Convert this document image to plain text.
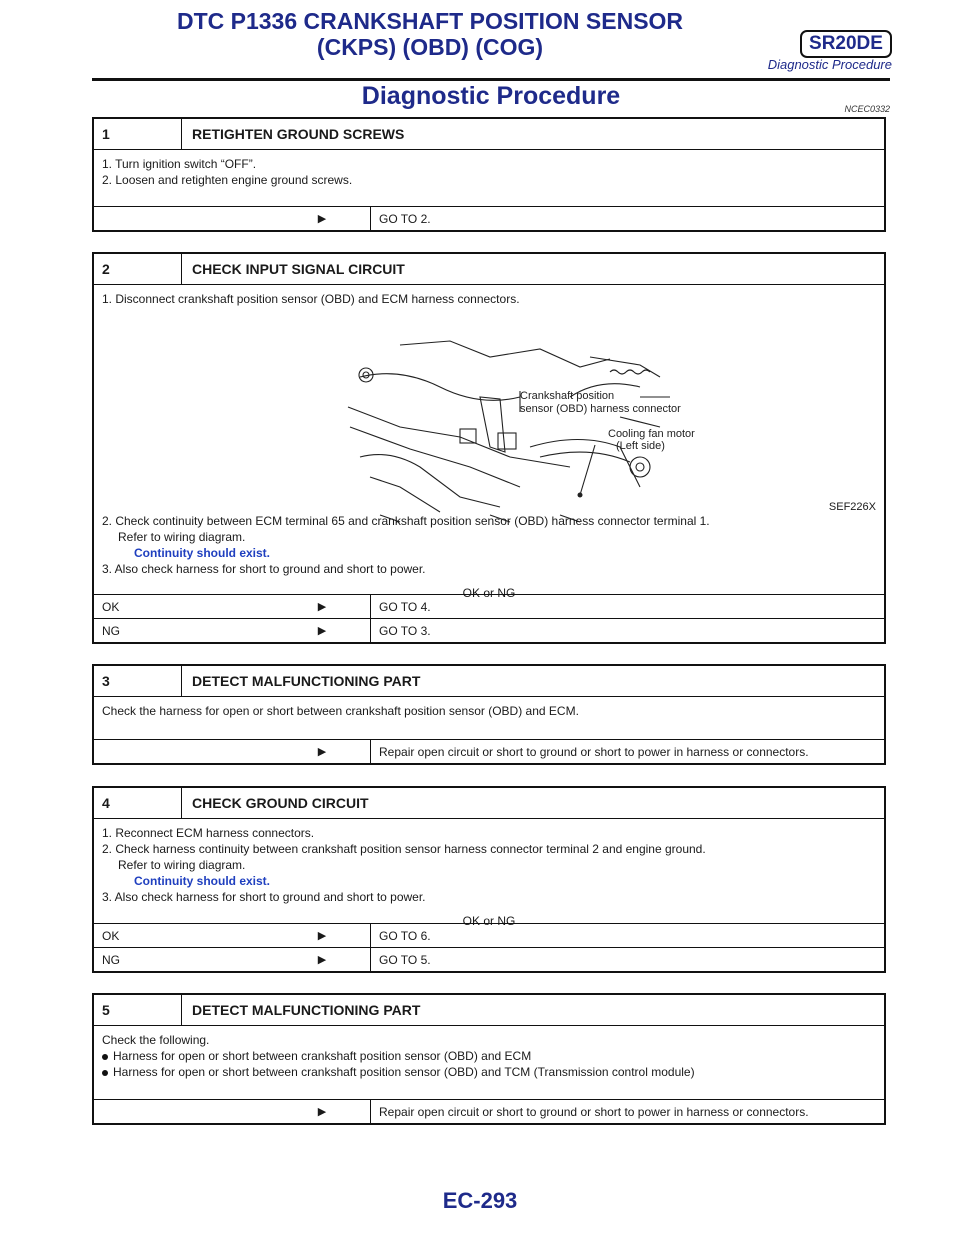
DTC P1336 CRANKSHAFT POSITION SENSOR
(CKPS) (OBD) (COG)	SR20DE
Diagnostic Procedure
Diagnostic Procedure	NCEC0332
1	RETIGHTEN GROUND SCREWS

1. Turn ignition switch “OFF”.

2. Loosen and retighten engine ground screws.

▶	GO TO 2.
2	CHECK INPUT SIGNAL CIRCUIT

1. Disconnect crankshaft position sensor (OBD) and ECM harness connectors.

Crankshaft position
sensor (OBD) harness connector
Cooling fan motor
(Left side)
SEF226X

2. Check continuity between ECM terminal 65 and crankshaft position sensor (OBD) harness connector terminal 1.

Refer to wiring diagram.

Continuity should exist.

3. Also check harness for short to ground and short to power.

OK or NG

OK	▶	GO TO 4.
NG	▶	GO TO 3.
3	DETECT MALFUNCTIONING PART

Check the harness for open or short between crankshaft position sensor (OBD) and ECM.

▶	Repair open circuit or short to ground or short to power in harness or connectors.
4	CHECK GROUND CIRCUIT

1. Reconnect ECM harness connectors.

2. Check harness continuity between crankshaft position sensor harness connector terminal 2 and engine ground.

Refer to wiring diagram.

Continuity should exist.

3. Also check harness for short to ground and short to power.

OK or NG

OK	▶	GO TO 6.
NG	▶	GO TO 5.
5	DETECT MALFUNCTIONING PART

Check the following.

Harness for open or short between crankshaft position sensor (OBD) and ECM

Harness for open or short between crankshaft position sensor (OBD) and TCM (Transmission control module)

▶	Repair open circuit or short to ground or short to power in harness or connectors.
EC-293
